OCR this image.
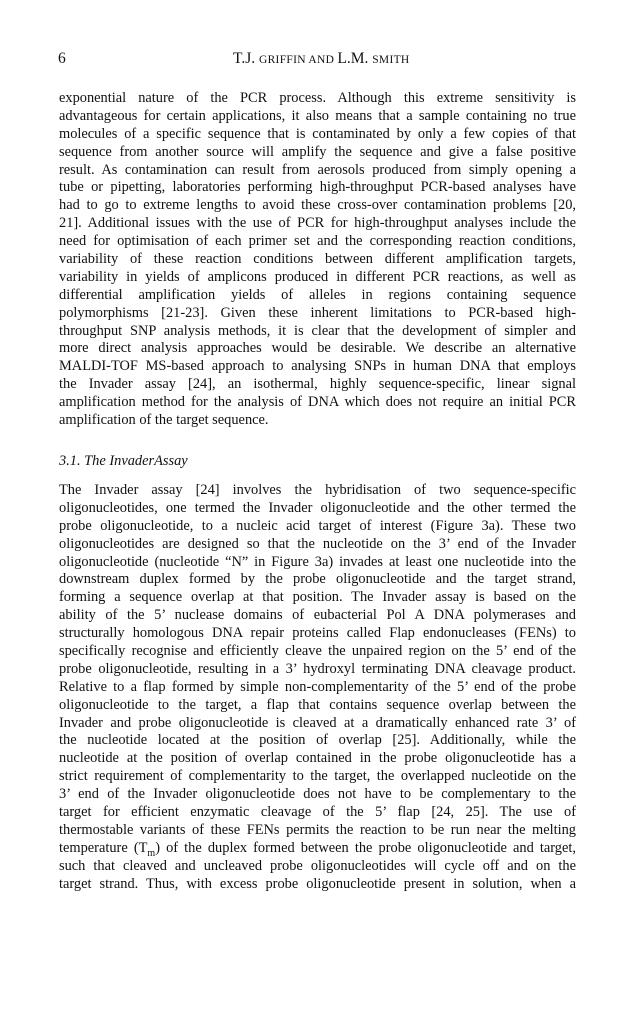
6	T.J. GRIFFIN AND L.M. SMITH
exponential nature of the PCR process. Although this extreme sensitivity is
advantageous for certain applications, it also means that a sample containing no true
molecules of a specific sequence that is contaminated by only a few copies of that
sequence from another source will amplify the sequence and give a false positive
result. As contamination can result from aerosols produced from simply opening a
tube or pipetting, laboratories performing high-throughput PCR-based analyses have
had to go to extreme lengths to avoid these cross-over contamination problems [20,
21]. Additional issues with the use of PCR for high-throughput analyses include the
need for optimisation of each primer set and the corresponding reaction conditions,
variability of these reaction conditions between different amplification targets,
variability in yields of amplicons produced in different PCR reactions, as well as
differential amplification yields of alleles in regions containing sequence
polymorphisms [21-23]. Given these inherent limitations to PCR-based high-
throughput SNP analysis methods, it is clear that the development of simpler and
more direct analysis approaches would be desirable. We describe an alternative
MALDI-TOF MS-based approach to analysing SNPs in human DNA that employs
the Invader assay [24], an isothermal, highly sequence-specific, linear signal
amplification method for the analysis of DNA which does not require an initial PCR
amplification of the target sequence.
3.1. The InvaderAssay
The Invader assay [24] involves the hybridisation of two sequence-specific
oligonucleotides, one termed the Invader oligonucleotide and the other termed the
probe oligonucleotide, to a nucleic acid target of interest (Figure 3a). These two
oligonucleotides are designed so that the nucleotide on the 3’ end of the Invader
oligonucleotide (nucleotide “N” in Figure 3a) invades at least one nucleotide into the
downstream duplex formed by the probe oligonucleotide and the target strand,
forming a sequence overlap at that position. The Invader assay is based on the
ability of the 5’ nuclease domains of eubacterial Pol A DNA polymerases and
structurally homologous DNA repair proteins called Flap endonucleases (FENs) to
specifically recognise and efficiently cleave the unpaired region on the 5’ end of the
probe oligonucleotide, resulting in a 3’ hydroxyl terminating DNA cleavage product.
Relative to a flap formed by simple non-complementarity of the 5’ end of the probe
oligonucleotide to the target, a flap that contains sequence overlap between the
Invader and probe oligonucleotide is cleaved at a dramatically enhanced rate 3’ of
the nucleotide located at the position of overlap [25]. Additionally, while the
nucleotide at the position of overlap contained in the probe oligonucleotide has a
strict requirement of complementarity to the target, the overlapped nucleotide on the
3’ end of the Invader oligonucleotide does not have to be complementary to the
target for efficient enzymatic cleavage of the 5’ flap [24, 25]. The use of
thermostable variants of these FENs permits the reaction to be run near the melting
temperature $(T_m)$ of the duplex formed between the probe oligonucleotide and target,
such that cleaved and uncleaved probe oligonucleotides will cycle off and on the
target strand. Thus, with excess probe oligonucleotide present in solution, when a
